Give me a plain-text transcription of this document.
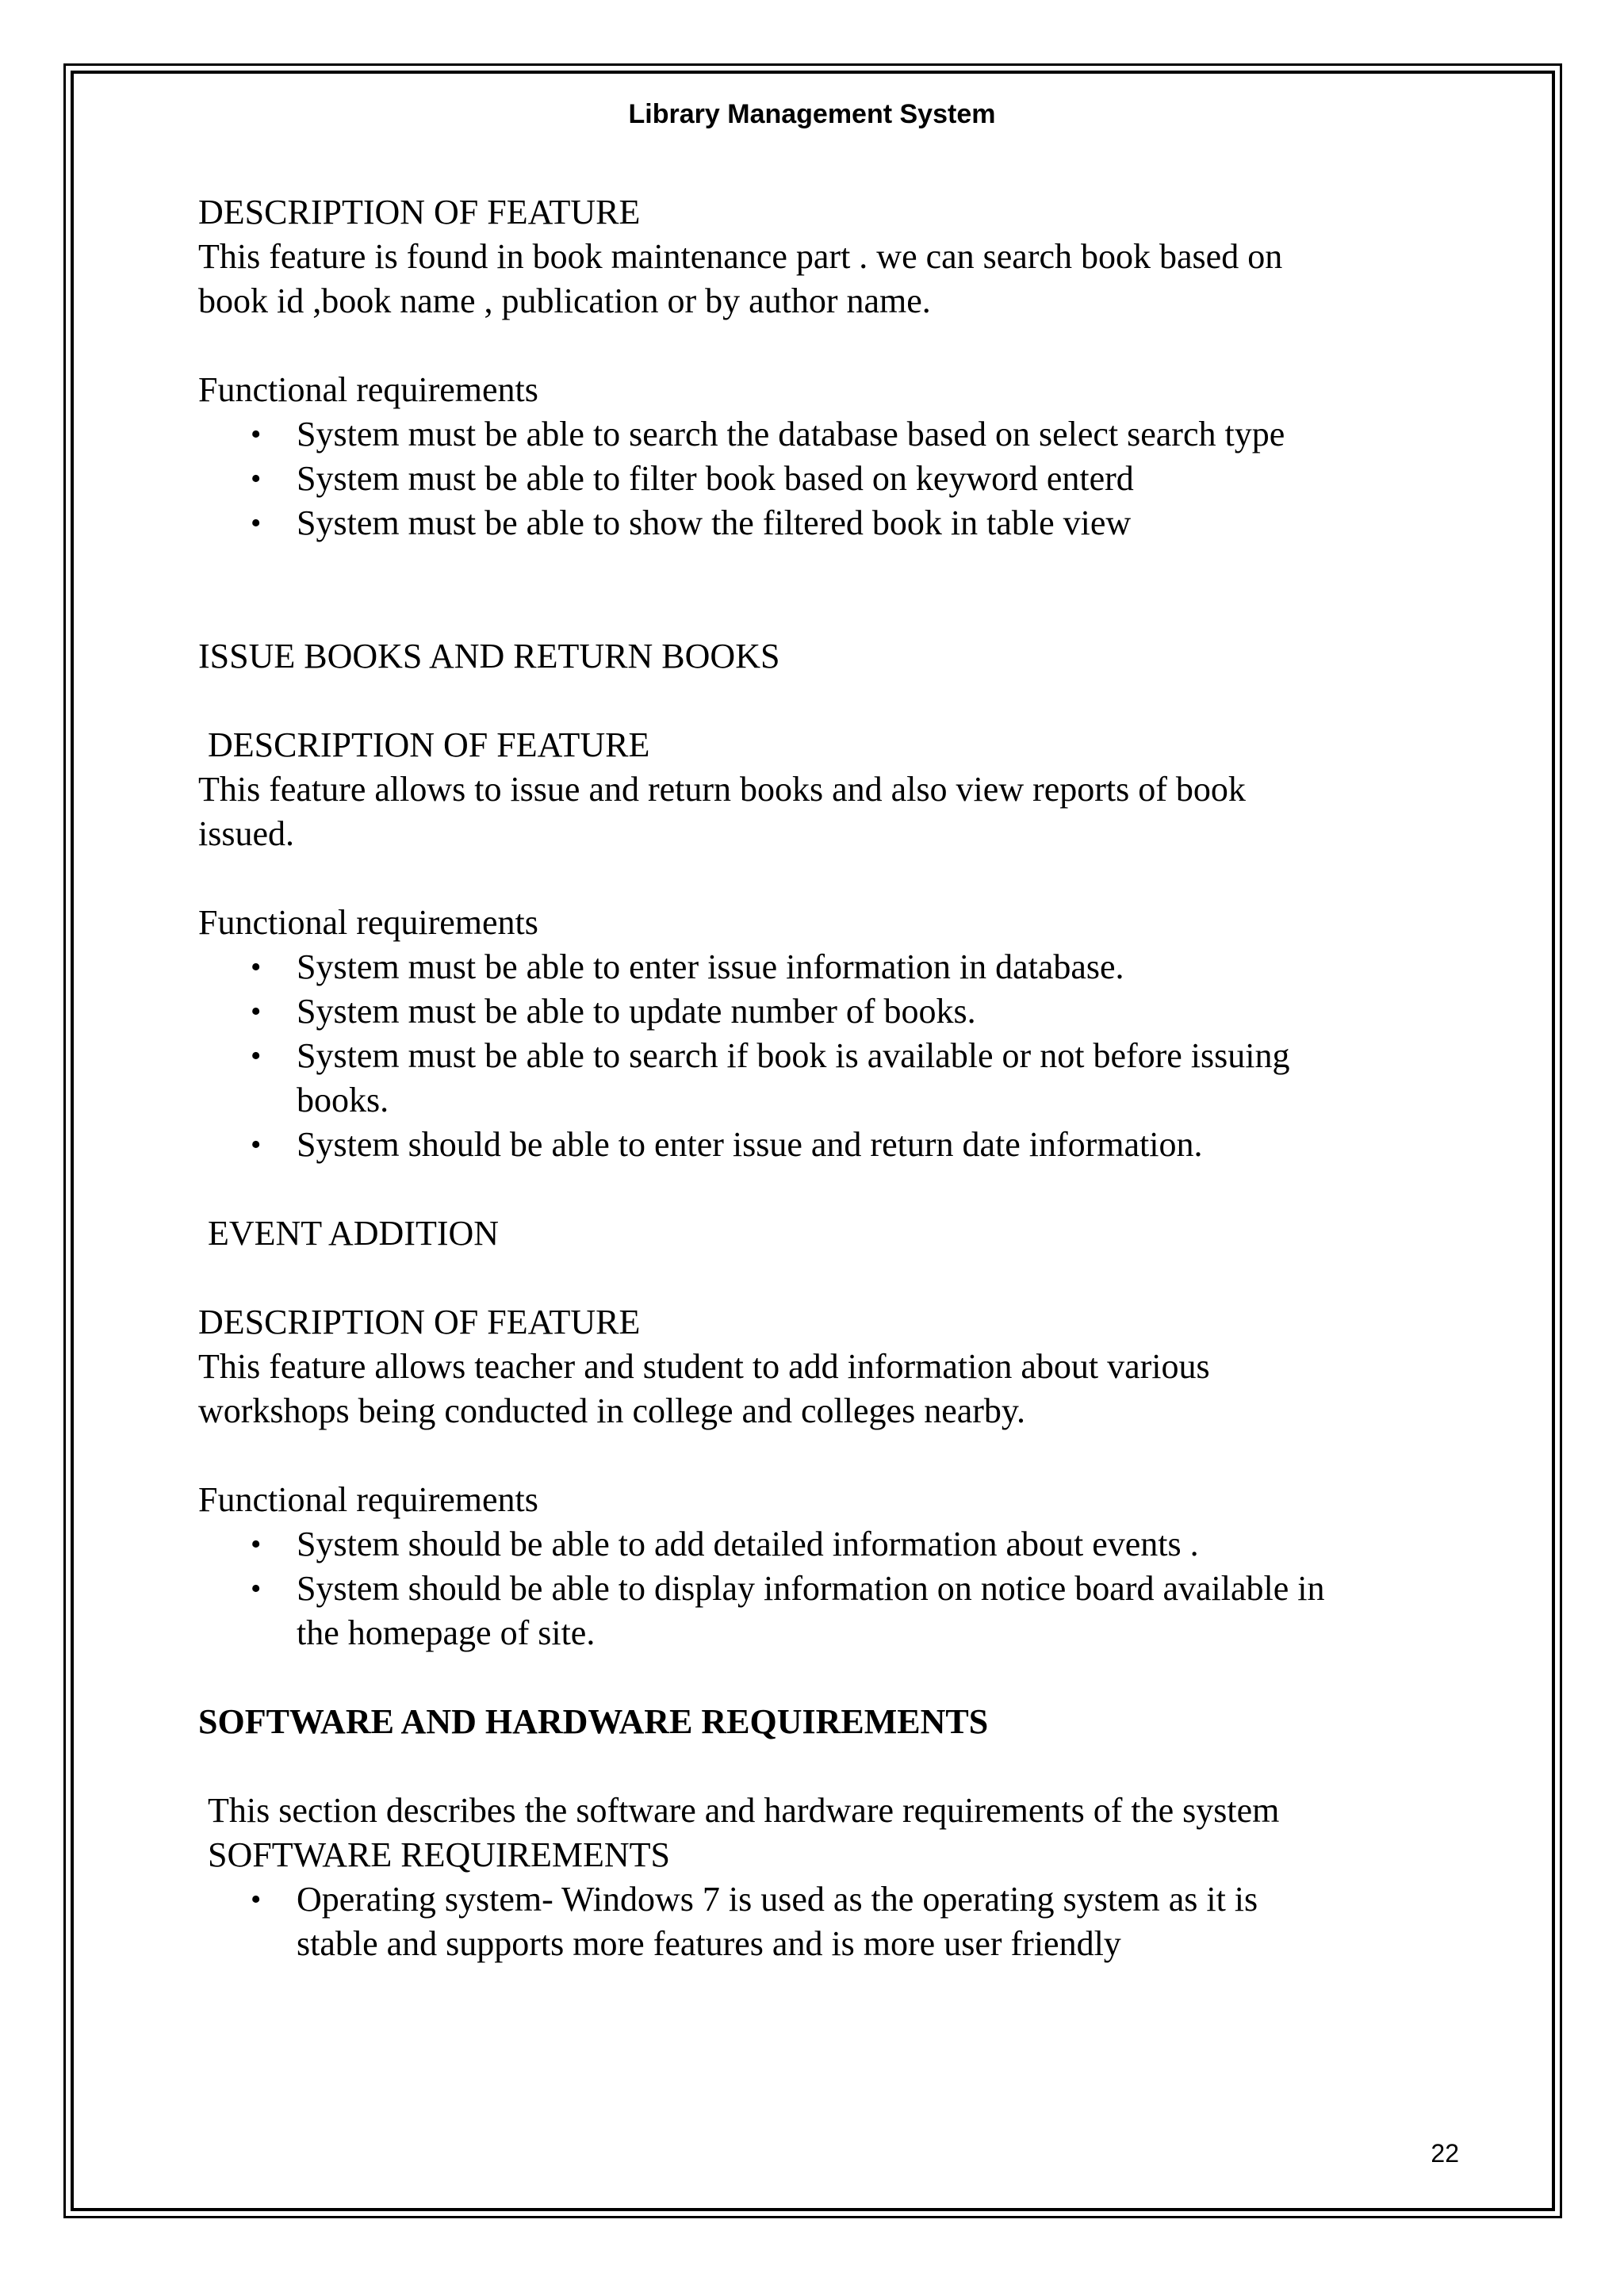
Library Management System

DESCRIPTION OF FEATURE

This feature is found in book maintenance part . we can search book based on

book id ,book name , publication or by author name.

Functional requirements

• System must be able to search the database based on select search type
• System must be able to filter book based on keyword enterd
• System must be able to show the filtered book in table view

ISSUE BOOKS AND RETURN BOOKS

DESCRIPTION OF FEATURE

This feature allows to issue and return books and also view reports of book

issued.

Functional requirements

• System must be able to enter issue information in database.
• System must be able to update number of books.
• System must be able to search if book is available or not before issuing
books.
• System should be able to enter issue and return date information.

EVENT ADDITION

DESCRIPTION OF FEATURE

This feature allows teacher and student to add information about various

workshops being conducted in college and colleges nearby.

Functional requirements

• System should be able to add detailed information about events .
• System should be able to display information on notice board available in
the homepage of site.

SOFTWARE AND HARDWARE REQUIREMENTS

This section describes the software and hardware requirements of the system

SOFTWARE REQUIREMENTS

• Operating system- Windows 7 is used as the operating system as it is
stable and supports more features and is more user friendly
22
